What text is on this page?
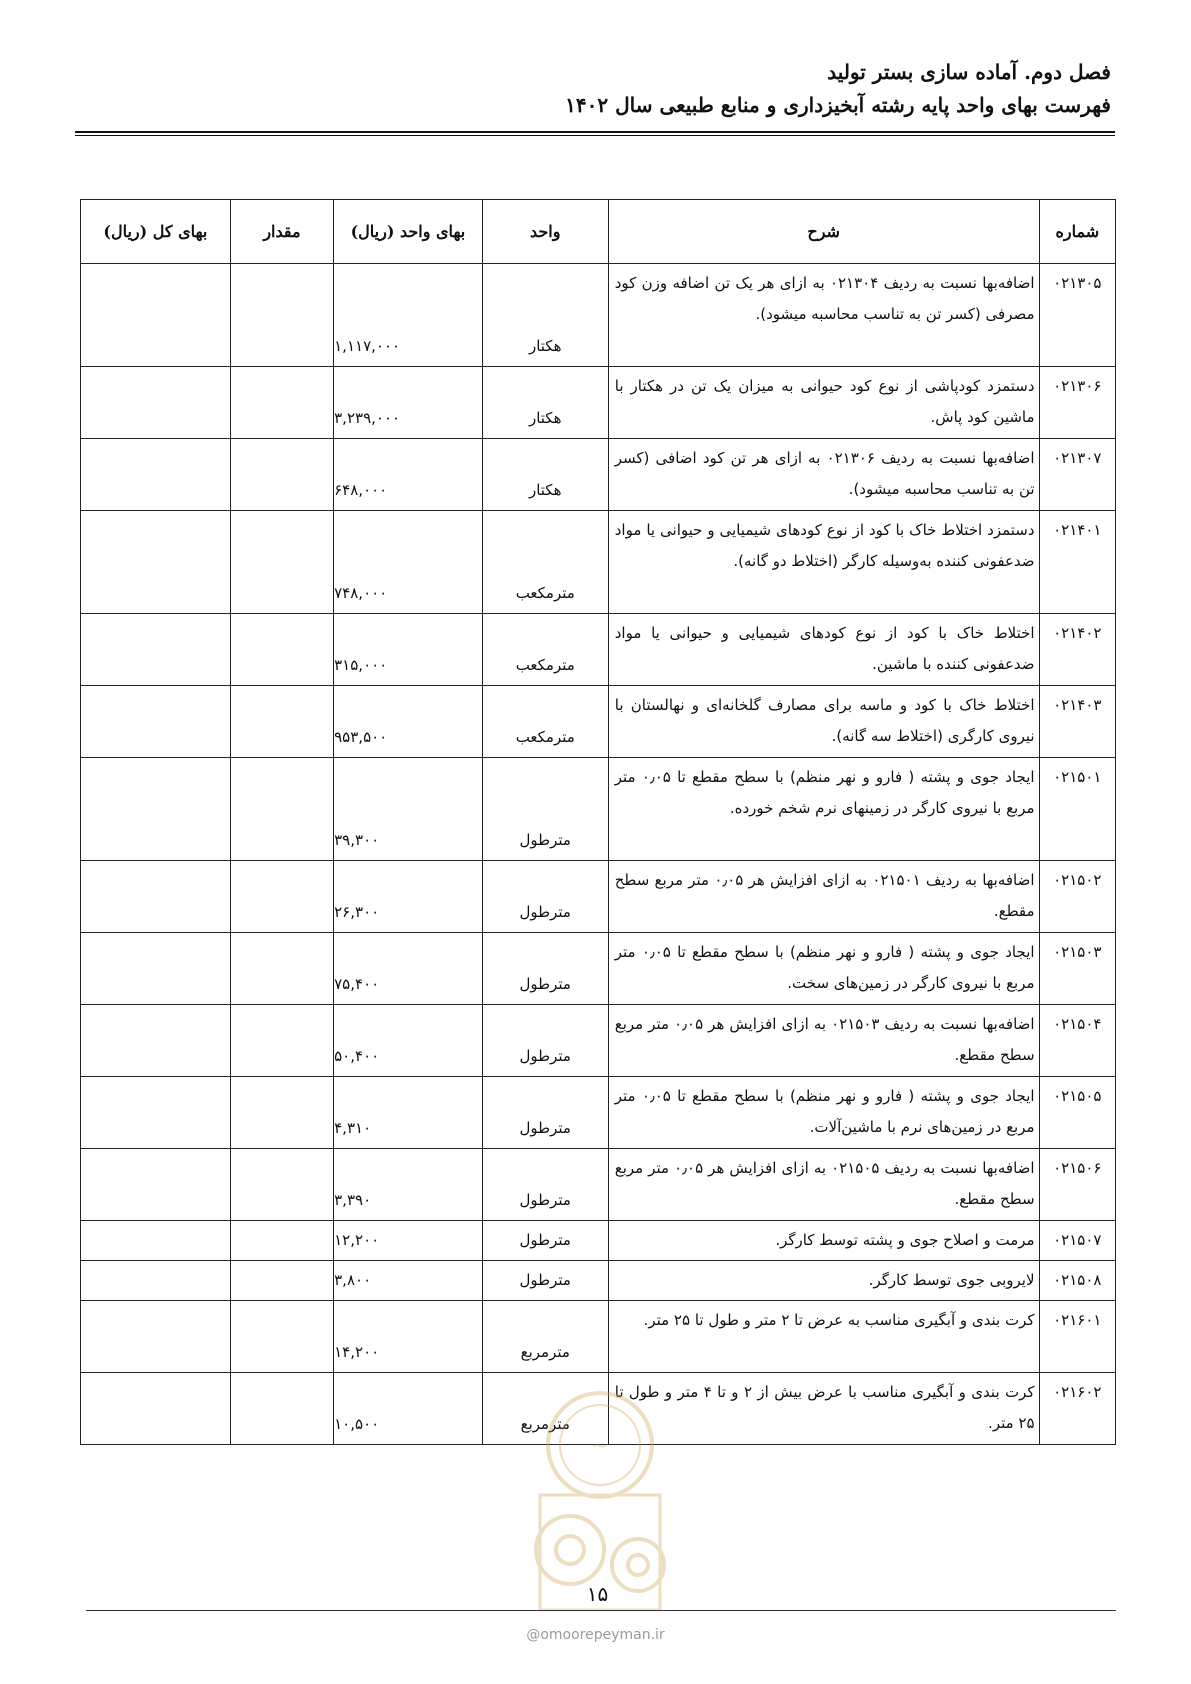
فصل دوم. آماده سازی بستر تولید
فهرست بهای واحد پایه رشته آبخیزداری و منابع طبیعی سال ۱۴۰۲
شماره	شرح	واحد	بهای واحد (ریال)	مقدار	بهای کل (ریال)
۰۲۱۳۰۵	اضافه‌بها نسبت به ردیف ۰۲۱۳۰۴ به ازای هر یک تن اضافه وزن کود مصرفی (کسر تن به تناسب محاسبه میشود).	هکتار	۱,۱۱۷,۰۰۰		
۰۲۱۳۰۶	دستمزد کودپاشی از نوع کود حیوانی به میزان یک تن در هکتار با ماشین کود پاش.	هکتار	۳,۲۳۹,۰۰۰		
۰۲۱۳۰۷	اضافه‌بها نسبت به ردیف ۰۲۱۳۰۶ به ازای هر تن کود اضافی (کسر تن به تناسب محاسبه میشود).	هکتار	۶۴۸,۰۰۰		
۰۲۱۴۰۱	دستمزد اختلاط خاک با کود از نوع کودهای شیمیایی و حیوانی یا مواد ضدعفونی کننده به‌وسیله کارگر (اختلاط دو گانه).	مترمکعب	۷۴۸,۰۰۰		
۰۲۱۴۰۲	اختلاط خاک با کود از نوع کودهای شیمیایی و حیوانی یا مواد ضدعفونی کننده با ماشین.	مترمکعب	۳۱۵,۰۰۰		
۰۲۱۴۰۳	اختلاط خاک با کود و ماسه برای مصارف گلخانه‌ای و نهالستان با نیروی کارگری (اختلاط سه گانه).	مترمکعب	۹۵۳,۵۰۰		
۰۲۱۵۰۱	ایجاد جوی و پشته ( فارو و نهر منظم) با سطح مقطع تا ۰٫۰۵ متر مربع با نیروی کارگر در زمینهای نرم شخم خورده.	مترطول	۳۹,۳۰۰		
۰۲۱۵۰۲	اضافه‌بها به ردیف ۰۲۱۵۰۱ به ازای افزایش هر ۰٫۰۵ متر مربع سطح مقطع.	مترطول	۲۶,۳۰۰		
۰۲۱۵۰۳	ایجاد جوی و پشته ( فارو و نهر منظم) با سطح مقطع تا ۰٫۰۵ متر مربع با نیروی کارگر در زمین‌های سخت.	مترطول	۷۵,۴۰۰		
۰۲۱۵۰۴	اضافه‌بها نسبت به ردیف ۰۲۱۵۰۳ به ازای افزایش هر ۰٫۰۵ متر مربع سطح مقطع.	مترطول	۵۰,۴۰۰		
۰۲۱۵۰۵	ایجاد جوی و پشته ( فارو و نهر منظم) با سطح مقطع تا ۰٫۰۵ متر مربع در زمین‌های نرم با ماشین‌آلات.	مترطول	۴,۳۱۰		
۰۲۱۵۰۶	اضافه‌بها نسبت به ردیف ۰۲۱۵۰۵ به ازای افزایش هر ۰٫۰۵ متر مربع سطح مقطع.	مترطول	۳,۳۹۰		
۰۲۱۵۰۷	مرمت و اصلاح جوی و پشته توسط کارگر.	مترطول	۱۲,۲۰۰		
۰۲۱۵۰۸	لایروبی جوی توسط کارگر.	مترطول	۳,۸۰۰		
۰۲۱۶۰۱	کرت بندی و آبگیری مناسب به عرض تا ۲ متر و طول تا ۲۵ متر.	مترمربع	۱۴,۲۰۰		
۰۲۱۶۰۲	کرت بندی و آبگیری مناسب با عرض بیش از ۲ و تا ۴ متر و طول تا ۲۵ متر.	مترمربع	۱۰,۵۰۰		
~
۱۵
@omoorepeyman.ir
